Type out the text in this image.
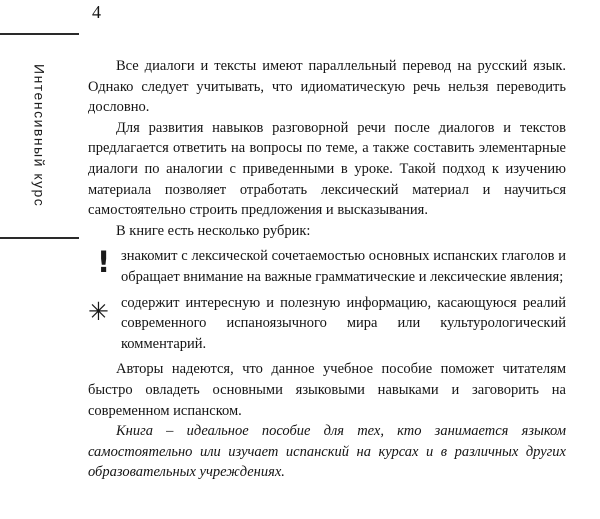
4
Интенсивный курс	Все диалоги и тексты имеют параллельный перевод на русский язык. Однако следует учитывать, что идиоматическую речь нельзя переводить дословно.

Для развития навыков разговорной речи после диалогов и текстов предлагается ответить на вопросы по теме, а также составить элементарные диалоги по аналогии с приведенными в уроке. Такой подход к изучению материала позволяет отработать лексический материал и научиться самостоятельно строить предложения и высказывания.

В книге есть несколько рубрик:

! знакомит с лексической сочетаемостью основных испанских глаголов и обращает внимание на важные грамматические и лексические явления;

✳ содержит интересную и полезную информацию, касающуюся реалий современного испаноязычного мира или культурологический комментарий.

Авторы надеются, что данное учебное пособие поможет читателям быстро овладеть основными языковыми навыками и заговорить на современном испанском.

Книга – идеальное пособие для тех, кто занимается языком самостоятельно или изучает испанский на курсах и в различных других образовательных учреждениях.
